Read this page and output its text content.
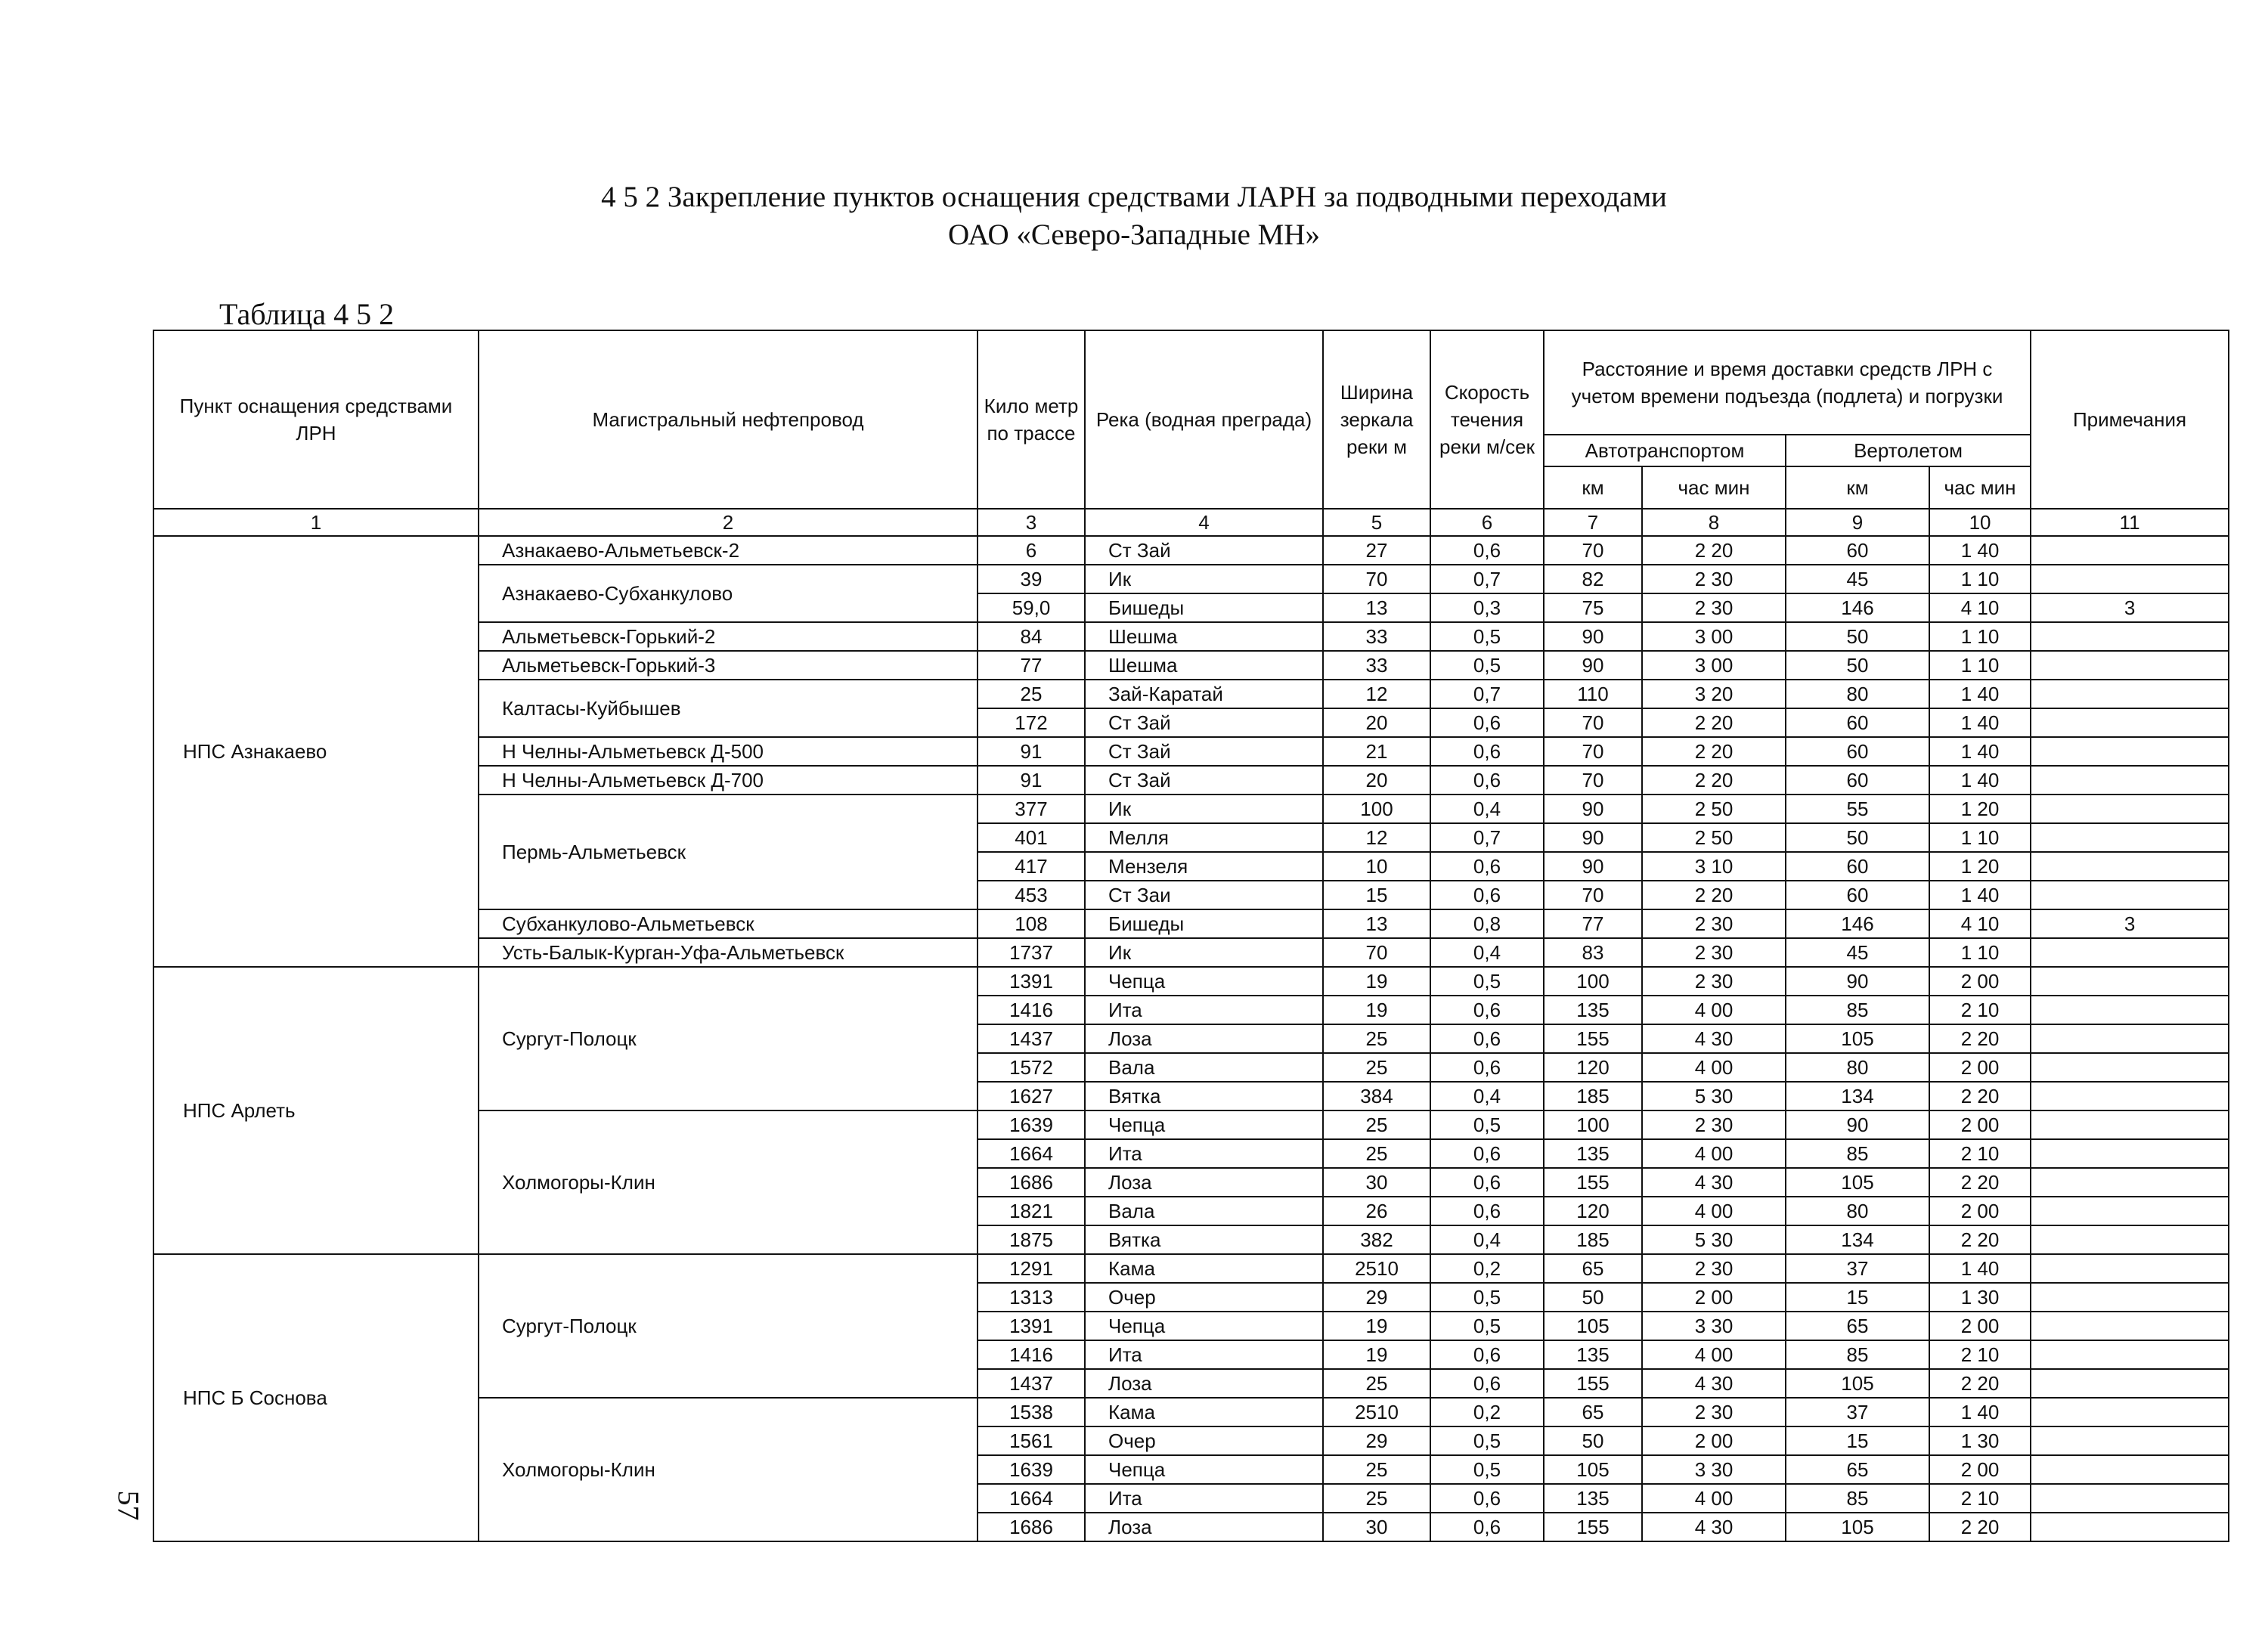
4 5 2 Закрепление пунктов оснащения средствами ЛАРН за подводными переходами
ОАО «Северо-Западные МН»
Таблица 4 5 2
57
Пункт оснащения средствами ЛРН	Магистральный нефтепровод	Кило метр по трассе	Река (водная преграда)	Ширина зеркала реки м	Скорость течения реки м/сек	Расстояние и время доставки средств ЛРН с учетом времени подъезда (подлета) и погрузки				Примечания
						Автотранспортом		Вертолетом		
						км	час мин	км	час мин	
1	2	3	4	5	6	7	8	9	10	11
НПС Азнакаево	Азнакаево-Альметьевск-2	6	Ст Зай	27	0,6	70	2 20	60	1 40	
	Азнакаево-Субханкулово	39	Ик	70	0,7	82	2 30	45	1 10	
		59,0	Бишеды	13	0,3	75	2 30	146	4 10	3
	Альметьевск-Горький-2	84	Шешма	33	0,5	90	3 00	50	1 10	
	Альметьевск-Горький-3	77	Шешма	33	0,5	90	3 00	50	1 10	
	Калтасы-Куйбышев	25	Зай-Каратай	12	0,7	110	3 20	80	1 40	
		172	Ст Зай	20	0,6	70	2 20	60	1 40	
	Н Челны-Альметьевск Д-500	91	Ст Зай	21	0,6	70	2 20	60	1 40	
	Н Челны-Альметьевск Д-700	91	Ст Зай	20	0,6	70	2 20	60	1 40	
	Пермь-Альметьевск	377	Ик	100	0,4	90	2 50	55	1 20	
		401	Мелля	12	0,7	90	2 50	50	1 10	
		417	Мензеля	10	0,6	90	3 10	60	1 20	
		453	Ст Заи	15	0,6	70	2 20	60	1 40	
	Субханкулово-Альметьевск	108	Бишеды	13	0,8	77	2 30	146	4 10	3
	Усть-Балык-Курган-Уфа-Альметьевск	1737	Ик	70	0,4	83	2 30	45	1 10	
НПС Арлеть	Сургут-Полоцк	1391	Чепца	19	0,5	100	2 30	90	2 00	
		1416	Ита	19	0,6	135	4 00	85	2 10	
		1437	Лоза	25	0,6	155	4 30	105	2 20	
		1572	Вала	25	0,6	120	4 00	80	2 00	
		1627	Вятка	384	0,4	185	5 30	134	2 20	
	Холмогоры-Клин	1639	Чепца	25	0,5	100	2 30	90	2 00	
		1664	Ита	25	0,6	135	4 00	85	2 10	
		1686	Лоза	30	0,6	155	4 30	105	2 20	
		1821	Вала	26	0,6	120	4 00	80	2 00	
		1875	Вятка	382	0,4	185	5 30	134	2 20	
НПС Б Соснова	Сургут-Полоцк	1291	Кама	2510	0,2	65	2 30	37	1 40	
		1313	Очер	29	0,5	50	2 00	15	1 30	
		1391	Чепца	19	0,5	105	3 30	65	2 00	
		1416	Ита	19	0,6	135	4 00	85	2 10	
		1437	Лоза	25	0,6	155	4 30	105	2 20	
	Холмогоры-Клин	1538	Кама	2510	0,2	65	2 30	37	1 40	
		1561	Очер	29	0,5	50	2 00	15	1 30	
		1639	Чепца	25	0,5	105	3 30	65	2 00	
		1664	Ита	25	0,6	135	4 00	85	2 10	
		1686	Лоза	30	0,6	155	4 30	105	2 20	
